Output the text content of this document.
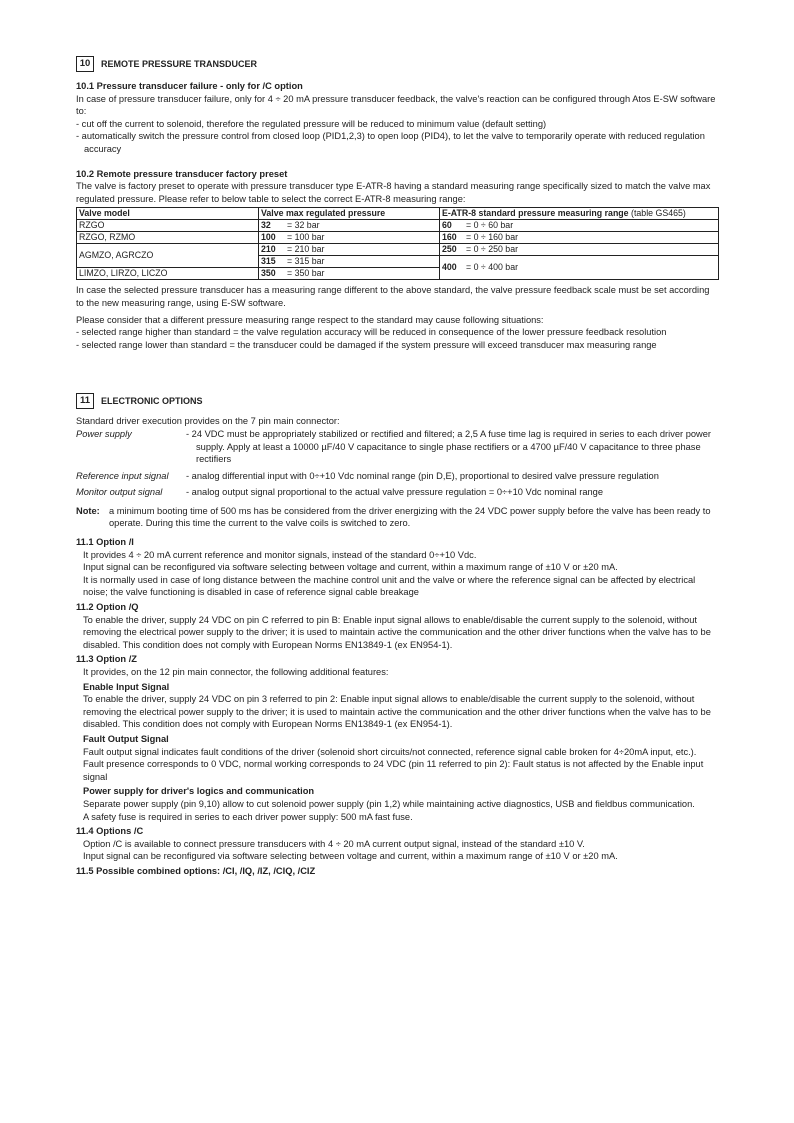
10	REMOTE PRESSURE TRANSDUCER
10.1 Pressure transducer failure - only for /C option

In case of pressure transducer failure, only for 4 ÷ 20 mA pressure transducer feedback, the valve's reaction can be configured through Atos E-SW software to:

- cut off the current to solenoid, therefore the regulated pressure will be reduced to minimum value (default setting)

- automatically switch the pressure control from closed loop (PID1,2,3) to open loop (PID4), to let the valve to temporarily operate with reduced regulation accuracy

10.2 Remote pressure transducer factory preset

The valve is factory preset to operate with pressure transducer type E-ATR-8 having a standard measuring range specifically sized to match the valve max regulated pressure. Please refer to below table to select the correct E-ATR-8 measuring range:

Valve model	Valve max regulated pressure	E-ATR-8 standard pressure measuring range (table GS465)
RZGO	32 = 32 bar	60 = 0 ÷ 60 bar
RZGO, RZMO	100 = 100 bar	160 = 0 ÷ 160 bar
AGMZO, AGRCZO	210 = 210 bar	250 = 0 ÷ 250 bar
	315 = 315 bar	400 = 0 ÷ 400 bar
LIMZO, LIRZO, LICZO	350 = 350 bar	

In case the selected pressure transducer has a measuring range different to the above standard, the valve pressure feedback scale must be set according to the new measuring range, using E-SW software.

Please consider that a different pressure measuring range respect to the standard may cause following situations:

- selected range higher than standard = the valve regulation accuracy will be reduced in consequence of the lower pressure feedback resolution

- selected range lower than standard = the transducer could be damaged if the system pressure will exceed transducer max measuring range

11	ELECTRONIC OPTIONS

Standard driver execution provides on the 7 pin main connector:

Power supply	- 24 VDC must be appropriately stabilized or rectified and filtered; a 2,5 A fuse time lag is required in series to each driver power supply. Apply at least a 10000 µF/40 V capacitance to single phase rectifiers or a 4700 µF/40 V capacitance to three phase rectifiers
Reference input signal	- analog differential input with 0÷+10 Vdc nominal range (pin D,E), proportional to desired valve pressure regulation
Monitor output signal	- analog output signal proportional to the actual valve pressure regulation = 0÷+10 Vdc nominal range
Note: a minimum booting time of 500 ms has be considered from the driver energizing with the 24 VDC power supply before the valve has been ready to operate. During this time the current to the valve coils is switched to zero.
11.1 Option /I

It provides 4 ÷ 20 mA current reference and monitor signals, instead of the standard 0÷+10 Vdc.

Input signal can be reconfigured via software selecting between voltage and current, within a maximum range of ±10 V or ±20 mA.

It is normally used in case of long distance between the machine control unit and the valve or where the reference signal can be affected by electrical noise; the valve functioning is disabled in case of reference signal cable breakage

11.2 Option /Q

To enable the driver, supply 24 VDC on pin C referred to pin B: Enable input signal allows to enable/disable the current supply to the solenoid, without removing the electrical power supply to the driver; it is used to maintain active the communication and the other driver functions when the valve has to be disabled. This condition does not comply with European Norms EN13849-1 (ex EN954-1).

11.3 Option /Z

It provides, on the 12 pin main connector, the following additional features:

Enable Input Signal

To enable the driver, supply 24 VDC on pin 3 referred to pin 2: Enable input signal allows to enable/disable the current supply to the solenoid, without removing the electrical power supply to the driver; it is used to maintain active the communication and the other driver functions when the valve has to be disabled. This condition does not comply with European Norms EN13849-1 (ex EN954-1).

Fault Output Signal

Fault output signal indicates fault conditions of the driver (solenoid short circuits/not connected, reference signal cable broken for 4÷20mA input, etc.). Fault presence corresponds to 0 VDC, normal working corresponds to 24 VDC (pin 11 referred to pin 2): Fault status is not affected by the Enable input signal

Power supply for driver's logics and communication

Separate power supply (pin 9,10) allow to cut solenoid power supply (pin 1,2) while maintaining active diagnostics, USB and fieldbus communication.

A safety fuse is required in series to each driver power supply: 500 mA fast fuse.

11.4 Options /C

Option /C is available to connect pressure transducers with 4 ÷ 20 mA current output signal, instead of the standard ±10 V.

Input signal can be reconfigured via software selecting between voltage and current, within a maximum range of ±10 V or ±20 mA.

11.5 Possible combined options: /CI, /IQ, /IZ, /CIQ, /CIZ
